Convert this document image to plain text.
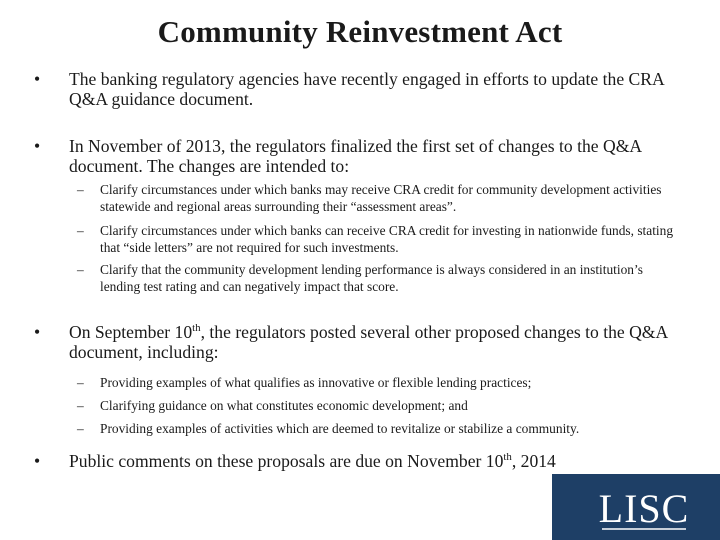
Community Reinvestment Act
• The banking regulatory agencies have recently engaged in efforts to update the CRA Q&A guidance document.
• In November of 2013, the regulators finalized the first set of changes to the Q&A document. The changes are intended to:
– Clarify circumstances under which banks may receive CRA credit for community development activities statewide and regional areas surrounding their “assessment areas”.
– Clarify circumstances under which banks can receive CRA credit for investing in nationwide funds, stating that “side letters” are not required for such investments.
– Clarify that the community development lending performance is always considered in an institution’s lending test rating and can negatively impact that score.
• On September 10th, the regulators posted several other proposed changes to the Q&A document, including:
– Providing examples of what qualifies as innovative or flexible lending practices;
– Clarifying guidance on what constitutes economic development; and
– Providing examples of activities which are deemed to revitalize or stabilize a community.
• Public comments on these proposals are due on November 10th, 2014
LISC
